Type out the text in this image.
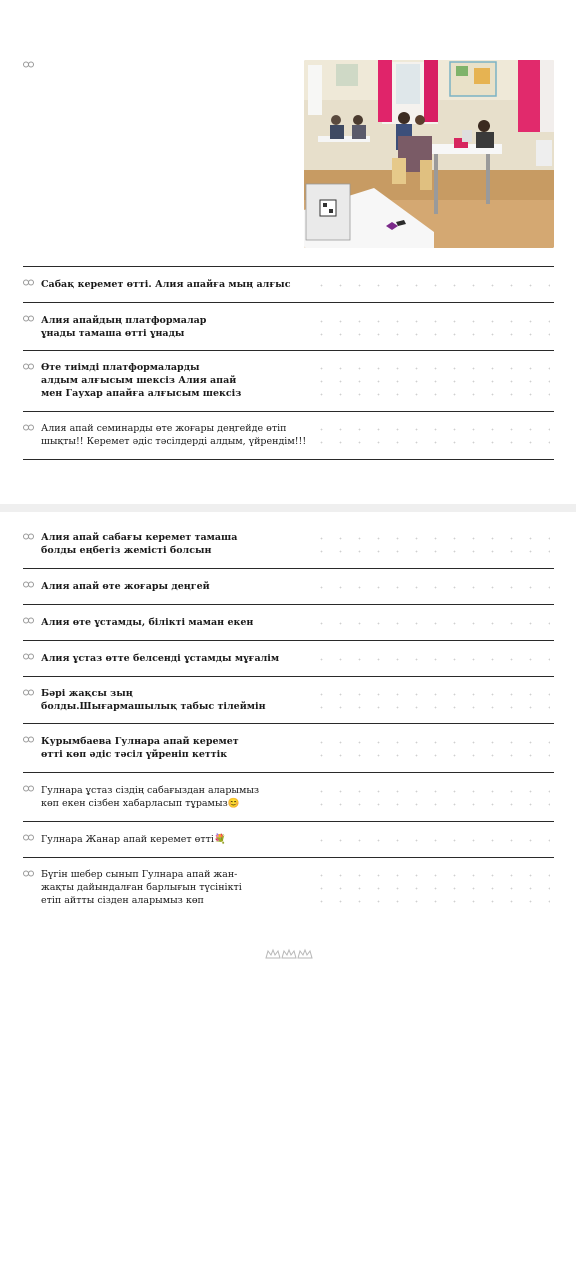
Сабақ керемет өтті. Алия апайға мың алғыс
Алия апайдың платформалар
ұнады тамаша өтті ұнады
Өте тиімді платформаларды
алдым алғысым шексіз Алия апай
мен Гаухар апайға алғысым шексіз
Алия апай семинарды өте жоғары деңгейде өтіп
шықты!! Керемет әдіс тәсілдерді алдым, үйрендім!!!
Алия апай сабағы керемет тамаша
болды еңбегіз жемісті болсын
Алия апай өте жоғары деңгей
Алия өте ұстамды, білікті маман екен
Алия ұстаз өтте белсенді ұстамды мұғалім
Бәрі жақсы зың
болды.Шығармашылық табыс тілеймін
Курымбаева Гулнара апай керемет
өтті көп әдіс тәсіл үйреніп кеттік
Гулнара ұстаз сіздің сабағыздан аларымыз
көп екен сізбен хабарласып тұрамыз😊
Гулнара Жанар апай керемет өтті💐
Бүгін шебер сынып Гулнара апай жан-
жақты дайындалған барлығын түсінікті
етіп айтты сізден аларымыз көп
